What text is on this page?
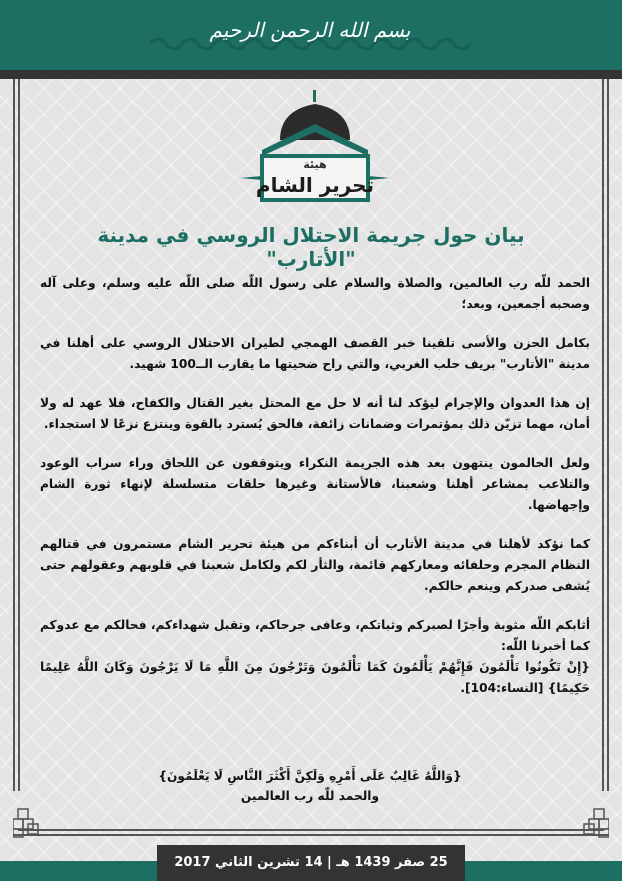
بسم الله الرحمن الرحيم
هيئة
تحرير الشام
بيان حول جريمة الاحتلال الروسي في مدينة "الأتارب"

الحمد للّه رب العالمين، والصلاة والسلام على رسول اللّه صلى اللّه عليه وسلم، وعلى آله وصحبه أجمعين، وبعد؛

بكامل الحزن والأسى تلقينا خبر القصف الهمجي لطيران الاحتلال الروسي على أهلنا في مدينة "الأتارب" بريف حلب الغربي، والتي راح ضحيتها ما يقارب الــ100 شهيد.

إن هذا العدوان والإجرام ليؤكد لنا أنه لا حل مع المحتل بغير القتال والكفاح، فلا عهد له ولا أمان، مهما تزيّن ذلك بمؤتمرات وضمانات زائفة، فالحق يُسترد بالقوة وينتزع نزعًا لا استجداء.

ولعل الحالمون ينتهون بعد هذه الجريمة النكراء ويتوقفون عن اللحاق وراء سراب الوعود والتلاعب بمشاعر أهلنا وشعبنا، فالأستانة وغيرها حلقات متسلسلة لإنهاء ثورة الشام وإجهاضها.

كما نؤكد لأهلنا في مدينة الأتارب أن أبناءكم من هيئة تحرير الشام مستمرون في قتالهم النظام المجرم وحلفائه ومعاركهم قائمة، والثأر لكم ولكامل شعبنا في قلوبهم وعقولهم حتى يُشفى صدركم وينعم حالكم.

أثابكم اللّه مثوبة وأجرًا لصبركم وثباتكم، وعافى جرحاكم، وتقبل شهداءكم، فحالكم مع عدوكم كما أخبرنا اللّه:

{إِنْ تَكُونُوا تَأْلَمُونَ فَإِنَّهُمْ يَأْلَمُونَ كَمَا تَأْلَمُونَ وَتَرْجُونَ مِنَ اللَّهِ مَا لَا يَرْجُونَ وَكَانَ اللَّهُ عَلِيمًا حَكِيمًا} [النساء:104].

{وَاللَّهُ غَالِبٌ عَلَى أَمْرِهِ وَلَكِنَّ أَكْثَرَ النَّاسِ لَا يَعْلَمُونَ}
والحمد للّه رب العالمين
25 صفر 1439 هـ | 14 تشرين الثاني 2017
